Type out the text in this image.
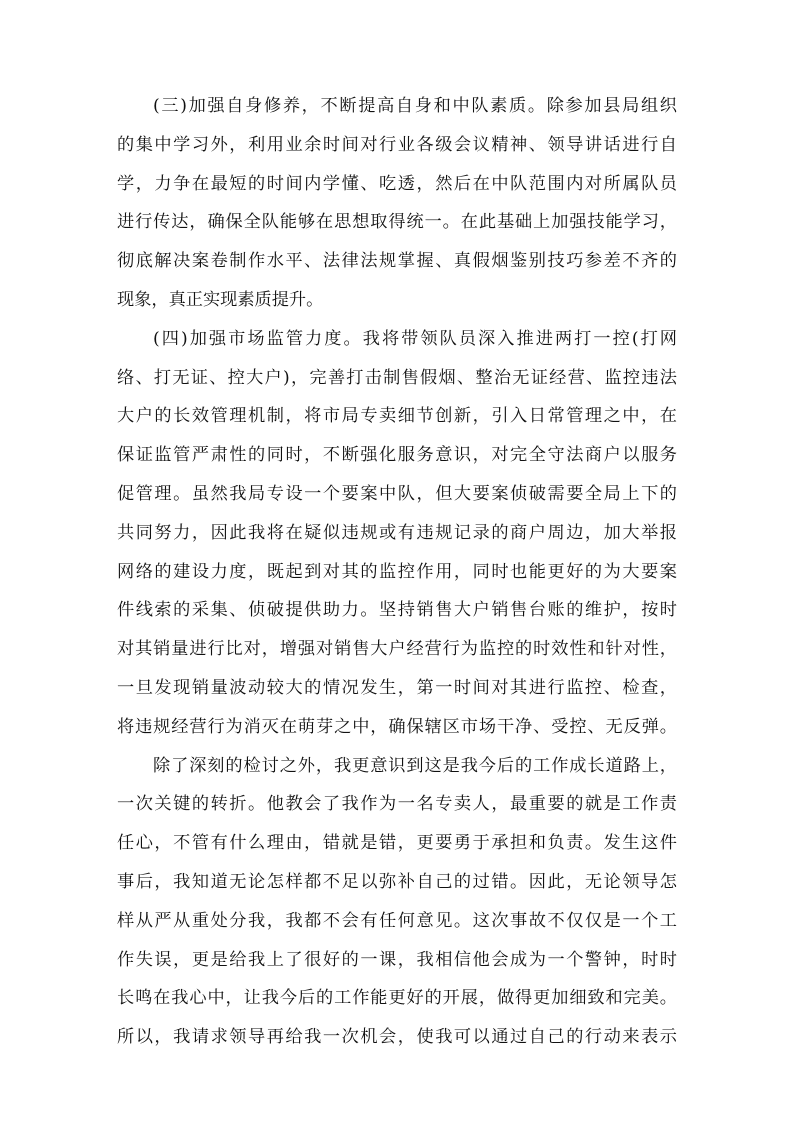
(三)加强自身修养，不断提高自身和中队素质。除参加县局组织
的集中学习外，利用业余时间对行业各级会议精神、领导讲话进行自
学，力争在最短的时间内学懂、吃透，然后在中队范围内对所属队员
进行传达，确保全队能够在思想取得统一。在此基础上加强技能学习，
彻底解决案卷制作水平、法律法规掌握、真假烟鉴别技巧参差不齐的
现象，真正实现素质提升。
(四)加强市场监管力度。我将带领队员深入推进两打一控(打网
络、打无证、控大户)，完善打击制售假烟、整治无证经营、监控违法
大户的长效管理机制，将市局专卖细节创新，引入日常管理之中，在
保证监管严肃性的同时，不断强化服务意识，对完全守法商户以服务
促管理。虽然我局专设一个要案中队，但大要案侦破需要全局上下的
共同努力，因此我将在疑似违规或有违规记录的商户周边，加大举报
网络的建设力度，既起到对其的监控作用，同时也能更好的为大要案
件线索的采集、侦破提供助力。坚持销售大户销售台账的维护，按时
对其销量进行比对，增强对销售大户经营行为监控的时效性和针对性，
一旦发现销量波动较大的情况发生，第一时间对其进行监控、检查，
将违规经营行为消灭在萌芽之中，确保辖区市场干净、受控、无反弹。
除了深刻的检讨之外，我更意识到这是我今后的工作成长道路上，
一次关键的转折。他教会了我作为一名专卖人，最重要的就是工作责
任心，不管有什么理由，错就是错，更要勇于承担和负责。发生这件
事后，我知道无论怎样都不足以弥补自己的过错。因此，无论领导怎
样从严从重处分我，我都不会有任何意见。这次事故不仅仅是一个工
作失误，更是给我上了很好的一课，我相信他会成为一个警钟，时时
长鸣在我心中，让我今后的工作能更好的开展，做得更加细致和完美。
所以，我请求领导再给我一次机会，使我可以通过自己的行动来表示
